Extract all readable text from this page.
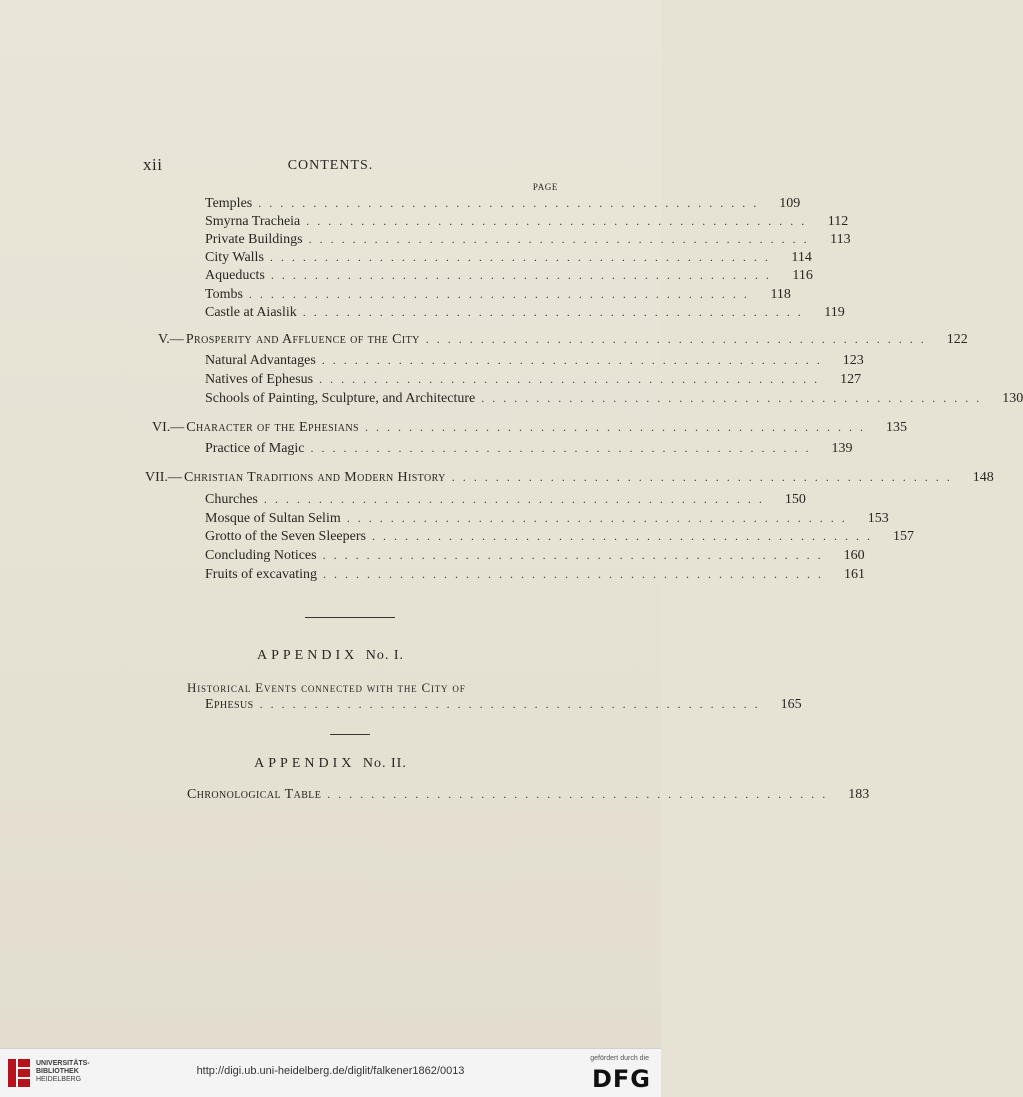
xii	CONTENTS.
PAGE
Temples ..............................................	109
Smyrna Tracheia ..............................................	112
Private Buildings ..............................................	113
City Walls ..............................................	114
Aqueducts ..............................................	116
Tombs ..............................................	118
Castle at Aiaslik ..............................................	119
V.— Prosperity and Affluence of the City ..............................................	122
Natural Advantages ..............................................	123
Natives of Ephesus ..............................................	127
Schools of Painting, Sculpture, and Architecture ..............................................	130
VI.— Character of the Ephesians ..............................................	135
Practice of Magic ..............................................	139
VII.— Christian Traditions and Modern History ..............................................	148
Churches ..............................................	150
Mosque of Sultan Selim ..............................................	153
Grotto of the Seven Sleepers ..............................................	157
Concluding Notices ..............................................	160
Fruits of excavating ..............................................	161
APPENDIX No. I.
Historical Events connected with the City of
Ephesus ..............................................	165
APPENDIX No. II.
Chronological Table ..............................................	183
UNIVERSITÄTS-
BIBLIOTHEK
HEIDELBERG
http://digi.ub.uni-heidelberg.de/diglit/falkener1862/0013
gefördert durch die
DFG
